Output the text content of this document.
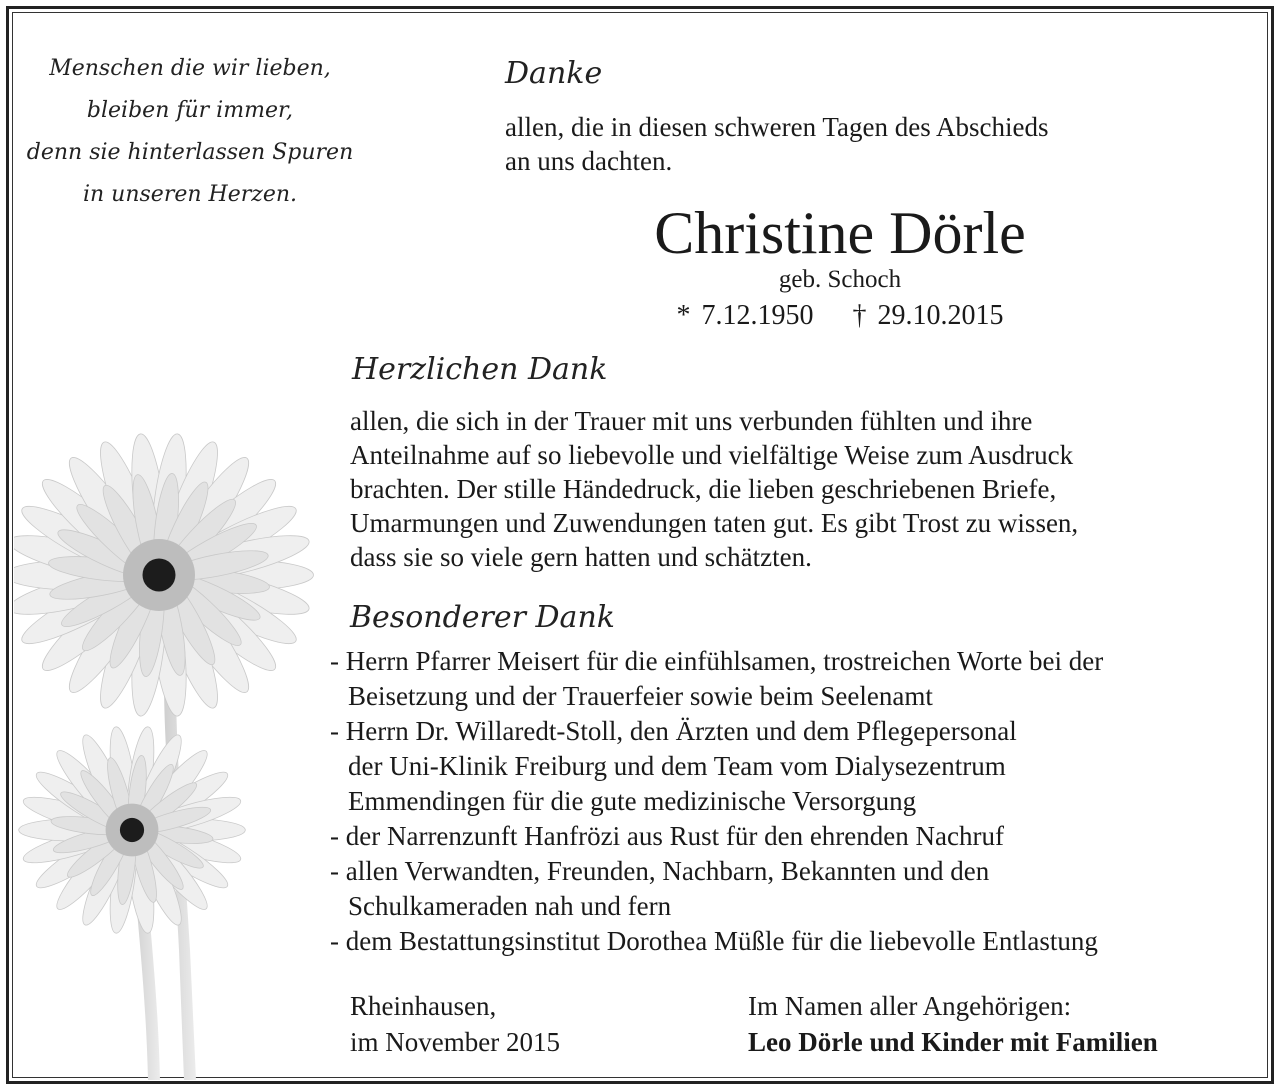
Menschen die wir lieben,
bleiben für immer,
denn sie hinterlassen Spuren
in unseren Herzen.
Danke
allen, die in diesen schweren Tagen des Abschieds
an uns dachten.
Christine Dörle
geb. Schoch
* 7.12.1950 † 29.10.2015
Herzlichen Dank
allen, die sich in der Trauer mit uns verbunden fühlten und ihre
Anteilnahme auf so liebevolle und vielfältige Weise zum Ausdruck
brachten. Der stille Händedruck, die lieben geschriebenen Briefe,
Umarmungen und Zuwendungen taten gut. Es gibt Trost zu wissen,
dass sie so viele gern hatten und schätzten.
Besonderer Dank
- Herrn Pfarrer Meisert für die einfühlsamen, trostreichen Worte bei der
Beisetzung und der Trauerfeier sowie beim Seelenamt
- Herrn Dr. Willaredt-Stoll, den Ärzten und dem Pflegepersonal
der Uni-Klinik Freiburg und dem Team vom Dialysezentrum
Emmendingen für die gute medizinische Versorgung
- der Narrenzunft Hanfrözi aus Rust für den ehrenden Nachruf
- allen Verwandten, Freunden, Nachbarn, Bekannten und den
Schulkameraden nah und fern
- dem Bestattungsinstitut Dorothea Müßle für die liebevolle Entlastung
Rheinhausen,
im November 2015
Im Namen aller Angehörigen:
Leo Dörle und Kinder mit Familien
